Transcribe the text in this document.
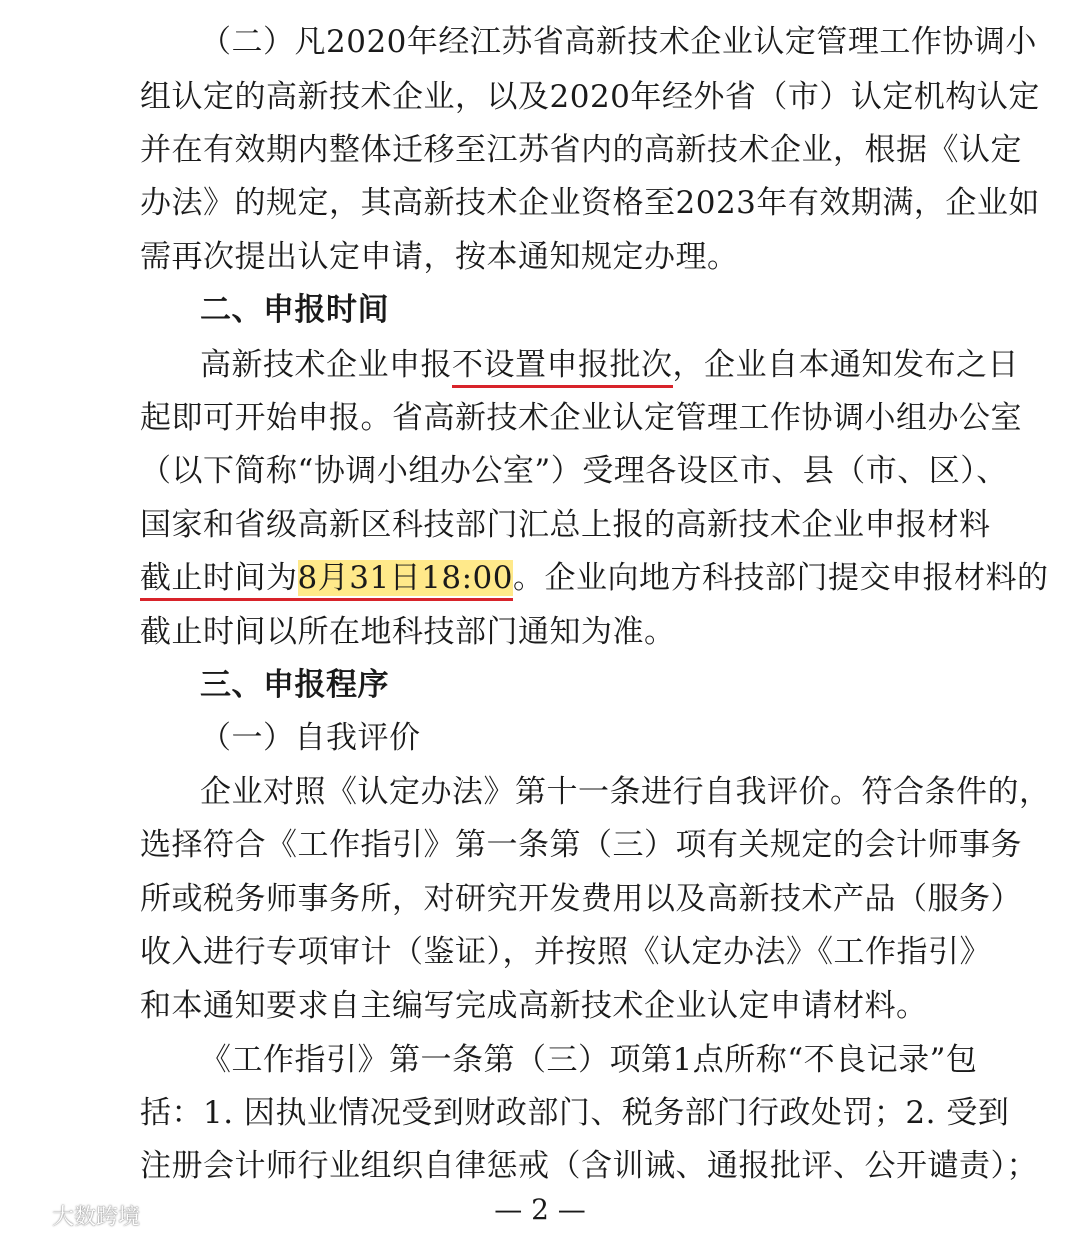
（二）凡2020年经江苏省高新技术企业认定管理工作协调小
组认定的高新技术企业，以及2020年经外省（市）认定机构认定
并在有效期内整体迁移至江苏省内的高新技术企业，根据《认定
办法》的规定，其高新技术企业资格至2023年有效期满，企业如
需再次提出认定申请，按本通知规定办理。
二、申报时间
高新技术企业申报不设置申报批次，企业自本通知发布之日
起即可开始申报。省高新技术企业认定管理工作协调小组办公室
（以下简称“协调小组办公室”）受理各设区市、县（市、区）、
国家和省级高新区科技部门汇总上报的高新技术企业申报材料
截止时间为8月31日18:00。企业向地方科技部门提交申报材料的
截止时间以所在地科技部门通知为准。
三、申报程序
（一）自我评价
企业对照《认定办法》第十一条进行自我评价。符合条件的，
选择符合《工作指引》第一条第（三）项有关规定的会计师事务
所或税务师事务所，对研究开发费用以及高新技术产品（服务）
收入进行专项审计（鉴证），并按照《认定办法》《工作指引》
和本通知要求自主编写完成高新技术企业认定申请材料。
《工作指引》第一条第（三）项第1点所称“不良记录”包
括：1. 因执业情况受到财政部门、税务部门行政处罚；2. 受到
注册会计师行业组织自律惩戒（含训诫、通报批评、公开谴责）；
— 2 —
大数跨境
